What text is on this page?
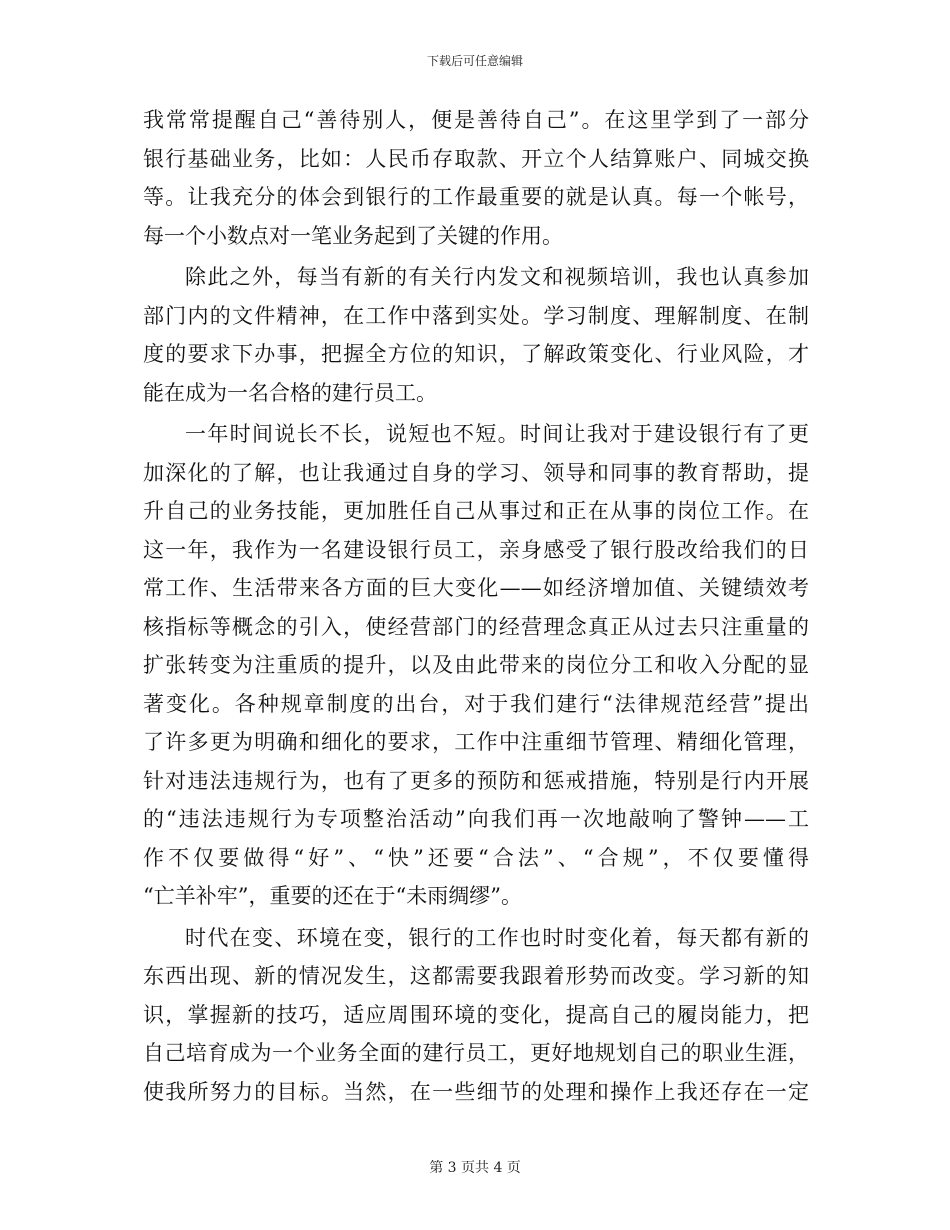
下载后可任意编辑
我常常提醒自己“善待别人，便是善待自己”。在这里学到了一部分
银行基础业务，比如：人民币存取款、开立个人结算账户、同城交换
等。让我充分的体会到银行的工作最重要的就是认真。每一个帐号，
每一个小数点对一笔业务起到了关键的作用。
除此之外，每当有新的有关行内发文和视频培训，我也认真参加
部门内的文件精神，在工作中落到实处。学习制度、理解制度、在制
度的要求下办事，把握全方位的知识，了解政策变化、行业风险，才
能在成为一名合格的建行员工。
一年时间说长不长，说短也不短。时间让我对于建设银行有了更
加深化的了解，也让我通过自身的学习、领导和同事的教育帮助，提
升自己的业务技能，更加胜任自己从事过和正在从事的岗位工作。在
这一年，我作为一名建设银行员工，亲身感受了银行股改给我们的日
常工作、生活带来各方面的巨大变化——如经济增加值、关键绩效考
核指标等概念的引入，使经营部门的经营理念真正从过去只注重量的
扩张转变为注重质的提升，以及由此带来的岗位分工和收入分配的显
著变化。各种规章制度的出台，对于我们建行“法律规范经营”提出
了许多更为明确和细化的要求，工作中注重细节管理、精细化管理，
针对违法违规行为，也有了更多的预防和惩戒措施，特别是行内开展
的“违法违规行为专项整治活动”向我们再一次地敲响了警钟——工
作不仅要做得“好”、“快”还要“合法”、“合规”，不仅要懂得
“亡羊补牢”，重要的还在于“未雨绸缪”。
时代在变、环境在变，银行的工作也时时变化着，每天都有新的
东西出现、新的情况发生，这都需要我跟着形势而改变。学习新的知
识，掌握新的技巧，适应周围环境的变化，提高自己的履岗能力，把
自己培育成为一个业务全面的建行员工，更好地规划自己的职业生涯，
使我所努力的目标。当然，在一些细节的处理和操作上我还存在一定
第 3 页共 4 页
